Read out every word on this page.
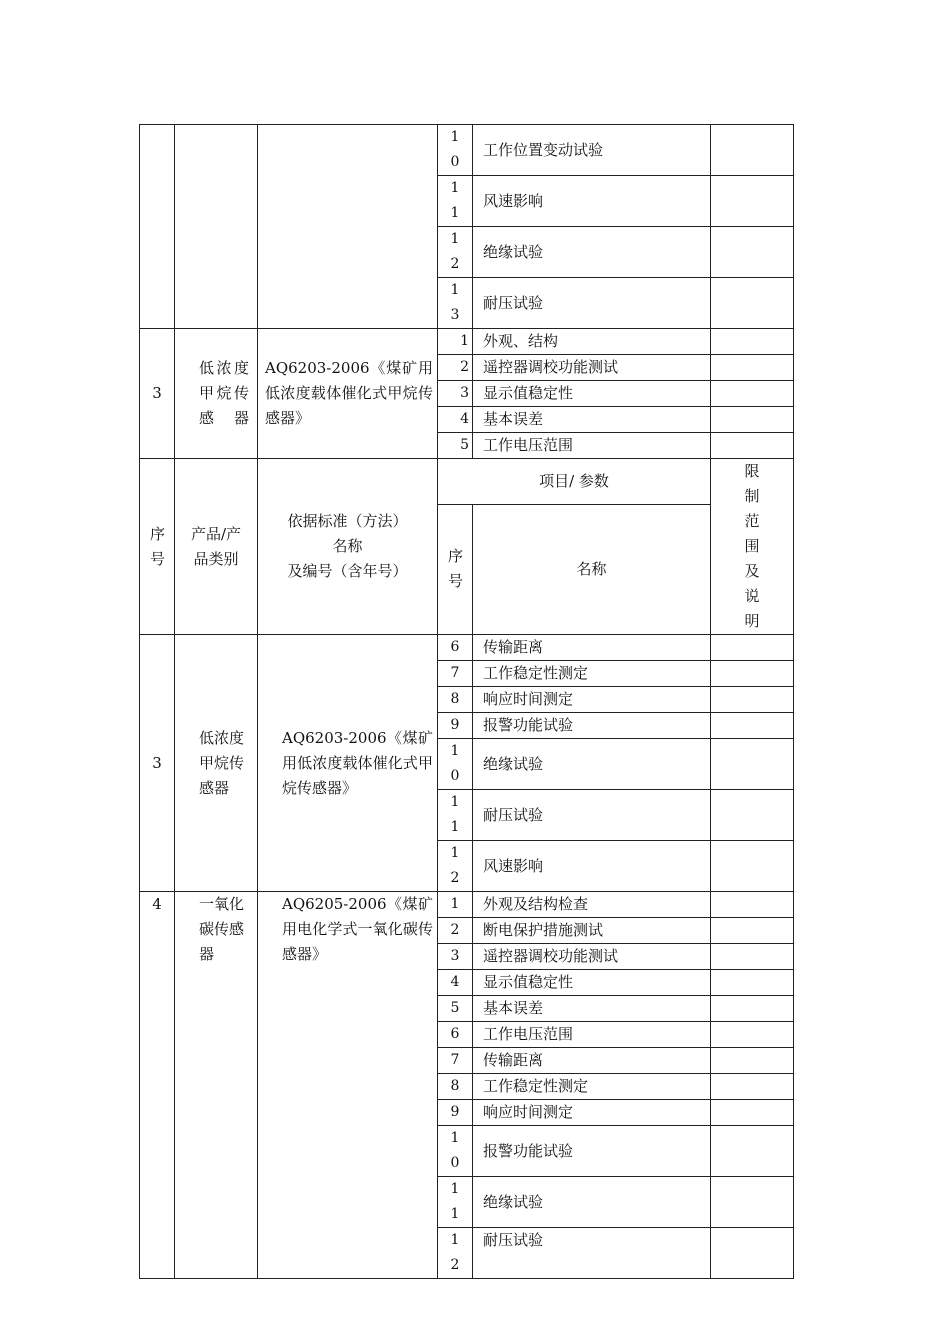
			10	工作位置变动试验	

			11	风速影响	

			12	绝缘试验	

			13	耐压试验	
3	低浓度甲烷传感器	AQ6203-2006《煤矿用低浓度载体催化式甲烷传感器》	1	外观、结构	

			2	遥控器调校功能测试	

			3	显示值稳定性	

			4	基本误差	

			5	工作电压范围	

序号	产品/产品类别	依据标准（方法）
名称
及编号（含年号）	项目/ 参数		限制范围及说明

			序号	名称	
3	低浓度甲烷传感器	AQ6203-2006《煤矿用低浓度载体催化式甲烷传感器》	6	传输距离	
			7	工作稳定性测定	
			8	响应时间测定	
			9	报警功能试验	

			10	绝缘试验	

			11	耐压试验	

			12	风速影响	

4	一氧化碳传感器	AQ6205-2006《煤矿用电化学式一氧化碳传感器》	1	外观及结构检查	
			2	断电保护措施测试	
			3	遥控器调校功能测试	
			4	显示值稳定性	
			5	基本误差	
			6	工作电压范围	
			7	传输距离	
			8	工作稳定性测定	
			9	响应时间测定	

			10	报警功能试验	

			11	绝缘试验	

			12	耐压试验	
